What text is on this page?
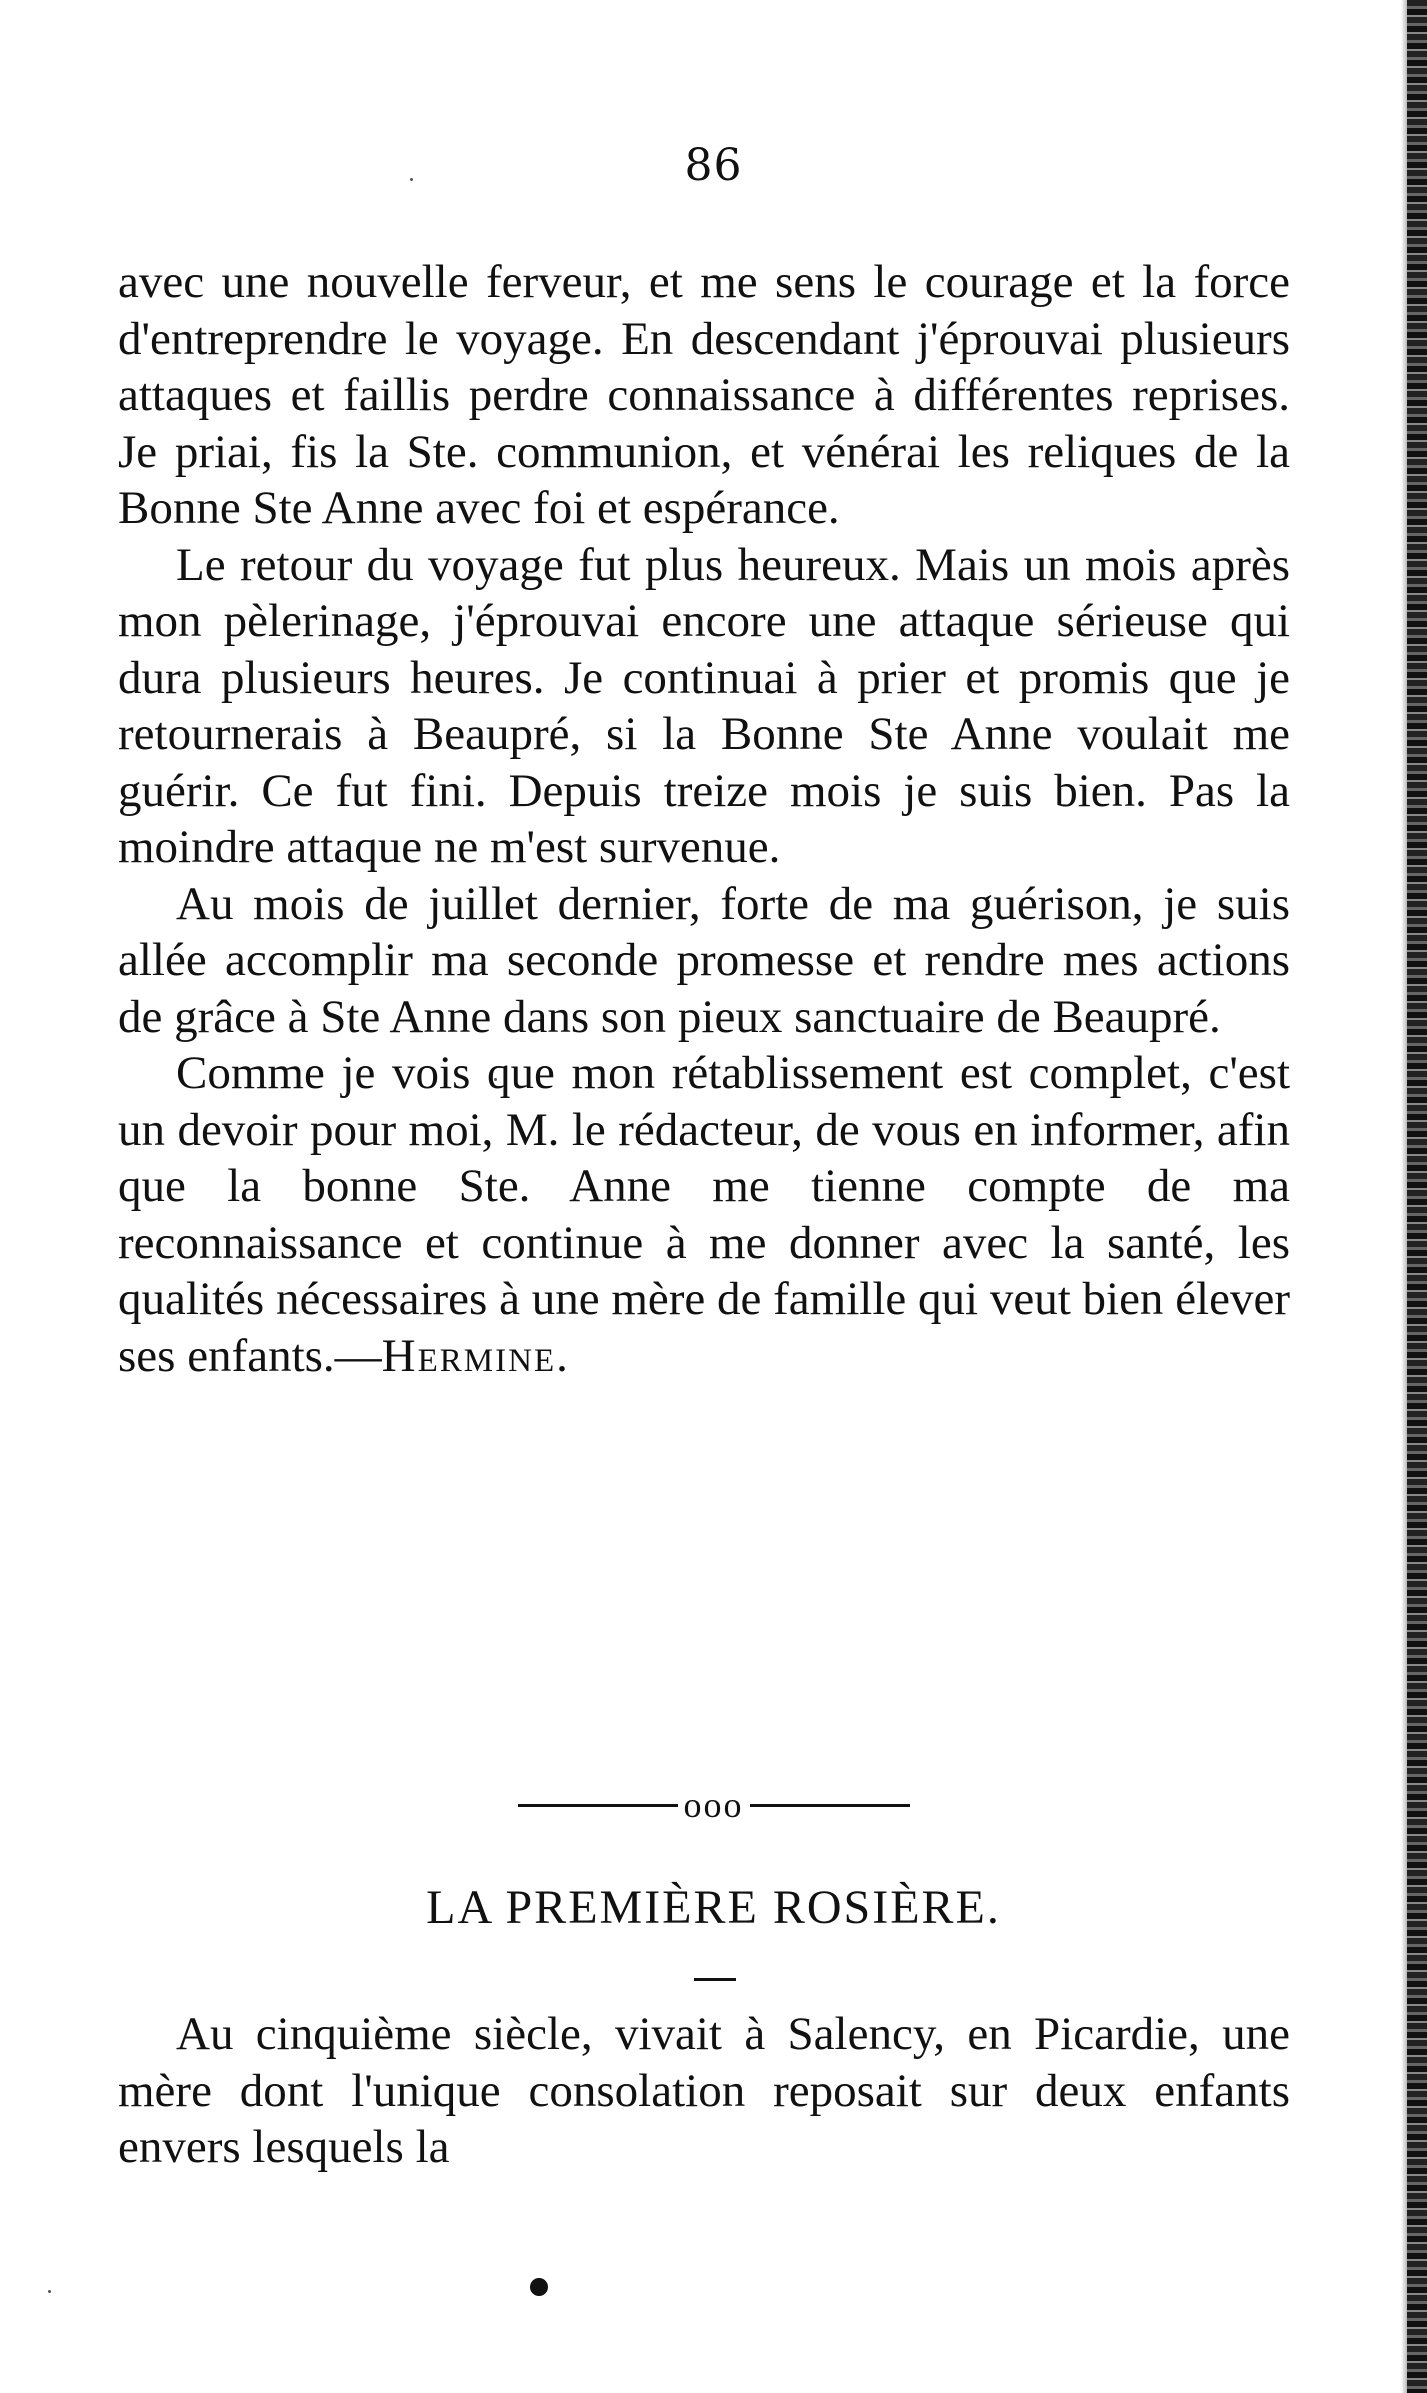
86

avec une nouvelle ferveur, et me sens le courage et la force d'entreprendre le voyage. En descendant j'éprouvai plusieurs attaques et faillis perdre connaissance à différentes reprises. Je priai, fis la Ste. communion, et vénérai les reliques de la Bonne Ste Anne avec foi et espérance.

Le retour du voyage fut plus heureux. Mais un mois après mon pèlerinage, j'éprouvai encore une attaque sérieuse qui dura plusieurs heures. Je continuai à prier et promis que je retournerais à Beaupré, si la Bonne Ste Anne voulait me guérir. Ce fut fini. Depuis treize mois je suis bien. Pas la moindre attaque ne m'est survenue.

Au mois de juillet dernier, forte de ma guérison, je suis allée accomplir ma seconde promesse et rendre mes actions de grâce à Ste Anne dans son pieux sanctuaire de Beaupré.

Comme je vois que mon rétablissement est complet, c'est un devoir pour moi, M. le rédacteur, de vous en informer, afin que la bonne Ste. Anne me tienne compte de ma reconnaissance et continue à me donner avec la santé, les qualités nécessaires à une mère de famille qui veut bien élever ses enfants.—Hermine.

ooo
LA PREMIÈRE ROSIÈRE.

Au cinquième siècle, vivait à Salency, en Picardie, une mère dont l'unique consolation reposait sur deux enfants envers lesquels la
